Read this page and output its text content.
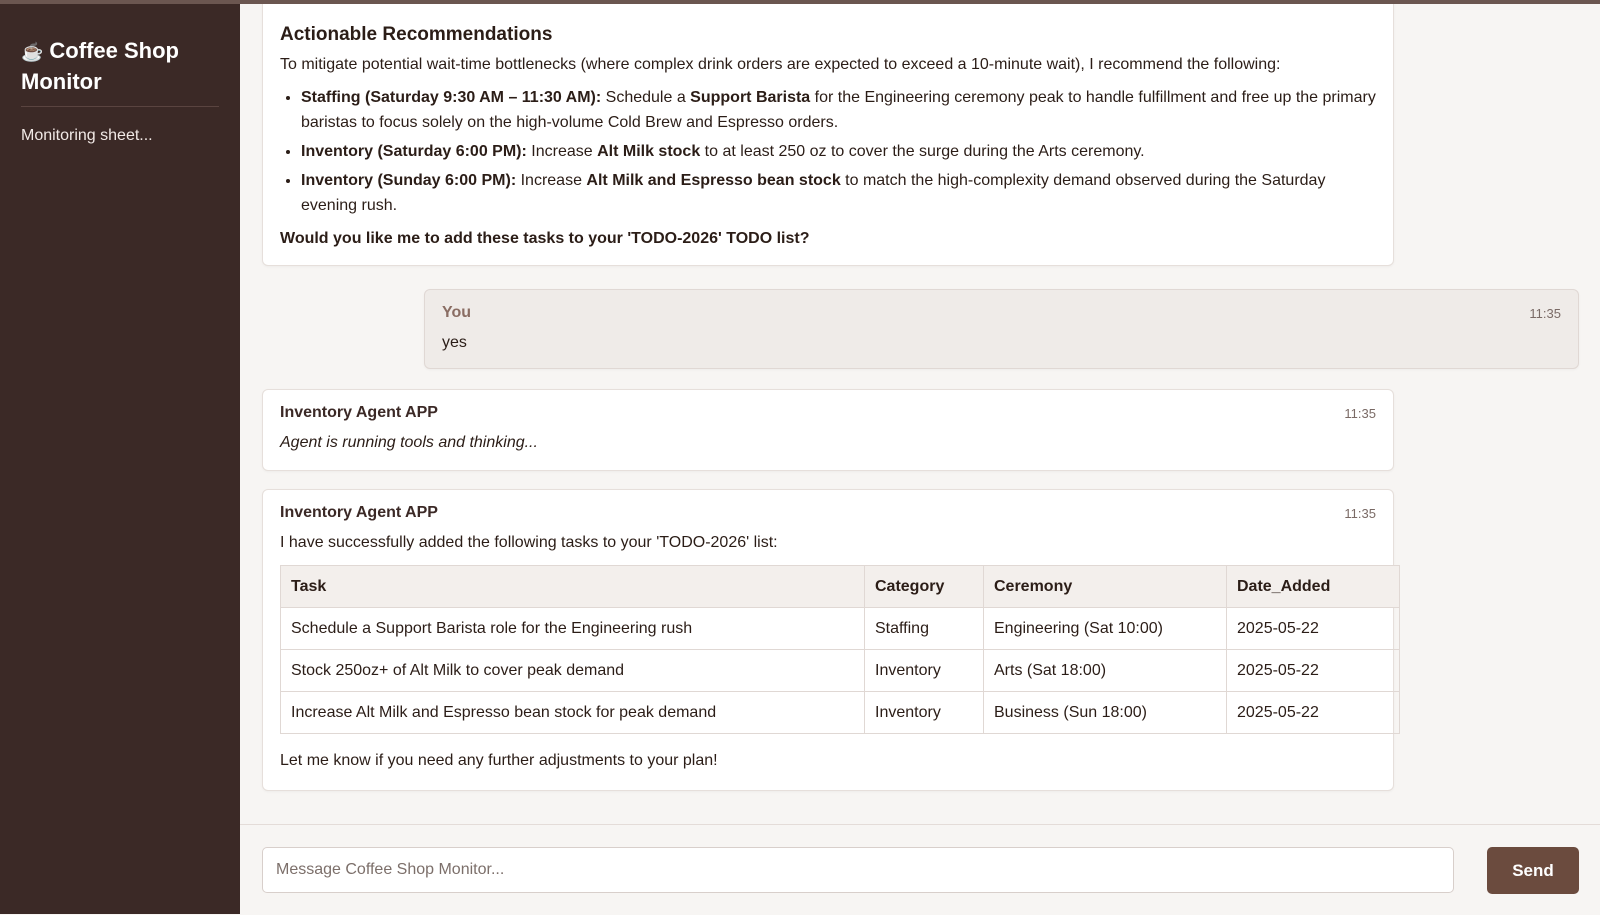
☕ Coffee Shop Monitor
Monitoring sheet...
Actionable Recommendations
To mitigate potential wait-time bottlenecks (where complex drink orders are expected to exceed a 10-minute wait), I recommend the following:
• Staffing (Saturday 9:30 AM – 11:30 AM): Schedule a Support Barista for the Engineering ceremony peak to handle fulfillment and free up the primary baristas to focus solely on the high-volume Cold Brew and Espresso orders.
• Inventory (Saturday 6:00 PM): Increase Alt Milk stock to at least 250 oz to cover the surge during the Arts ceremony.
• Inventory (Sunday 6:00 PM): Increase Alt Milk and Espresso bean stock to match the high-complexity demand observed during the Saturday evening rush.
Would you like me to add these tasks to your 'TODO-2026' TODO list?
You	11:35
yes
Inventory Agent APP	11:35
Agent is running tools and thinking...
Inventory Agent APP	11:35
I have successfully added the following tasks to your 'TODO-2026' list:
Task	Category	Ceremony	Date_Added
Schedule a Support Barista role for the Engineering rush	Staffing	Engineering (Sat 10:00)	2025-05-22
Stock 250oz+ of Alt Milk to cover peak demand	Inventory	Arts (Sat 18:00)	2025-05-22
Increase Alt Milk and Espresso bean stock for peak demand	Inventory	Business (Sun 18:00)	2025-05-22
Let me know if you need any further adjustments to your plan!
Message Coffee Shop Monitor...
Send
